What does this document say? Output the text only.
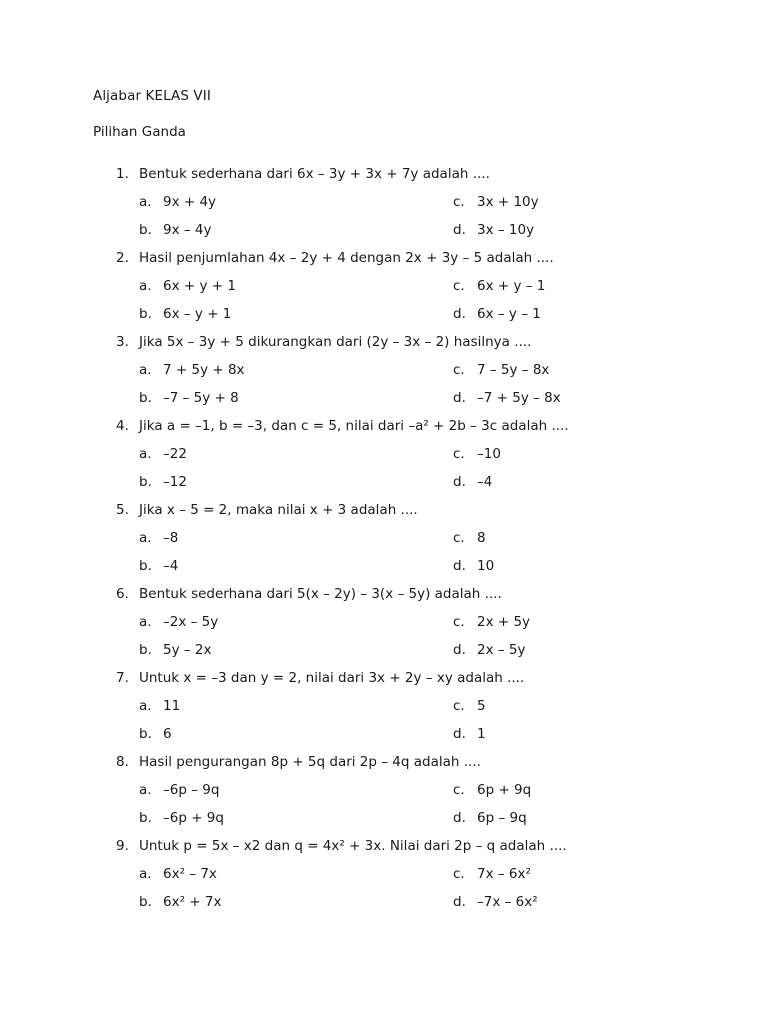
Aljabar KELAS VII
Pilihan Ganda
1. Bentuk sederhana dari 6x – 3y + 3x + 7y adalah ....
a. 9x + 4y
b. 9x – 4y
c. 3x + 10y
d. 3x – 10y
2. Hasil penjumlahan 4x – 2y + 4 dengan 2x + 3y – 5 adalah ....
a. 6x + y + 1
b. 6x – y + 1
c. 6x + y – 1
d. 6x – y – 1
3. Jika 5x – 3y + 5 dikurangkan dari (2y – 3x – 2) hasilnya ....
a. 7 + 5y + 8x
b. –7 – 5y + 8
c. 7 – 5y – 8x
d. –7 + 5y – 8x
4. Jika a = –1, b = –3, dan c = 5, nilai dari –a² + 2b – 3c adalah ....
a. –22
b. –12
c. –10
d. –4
5. Jika x – 5 = 2, maka nilai x + 3 adalah ....
a. –8
b. –4
c. 8
d. 10
6. Bentuk sederhana dari 5(x – 2y) – 3(x – 5y) adalah ....
a. –2x – 5y
b. 5y – 2x
c. 2x + 5y
d. 2x – 5y
7. Untuk x = –3 dan y = 2, nilai dari 3x + 2y – xy adalah ....
a. 11
b. 6
c. 5
d. 1
8. Hasil pengurangan 8p + 5q dari 2p – 4q adalah ....
a. –6p – 9q
b. –6p + 9q
c. 6p + 9q
d. 6p – 9q
9. Untuk p = 5x – x2 dan q = 4x² + 3x. Nilai dari 2p – q adalah ....
a. 6x² – 7x
b. 6x² + 7x
c. 7x – 6x²
d. –7x – 6x²
